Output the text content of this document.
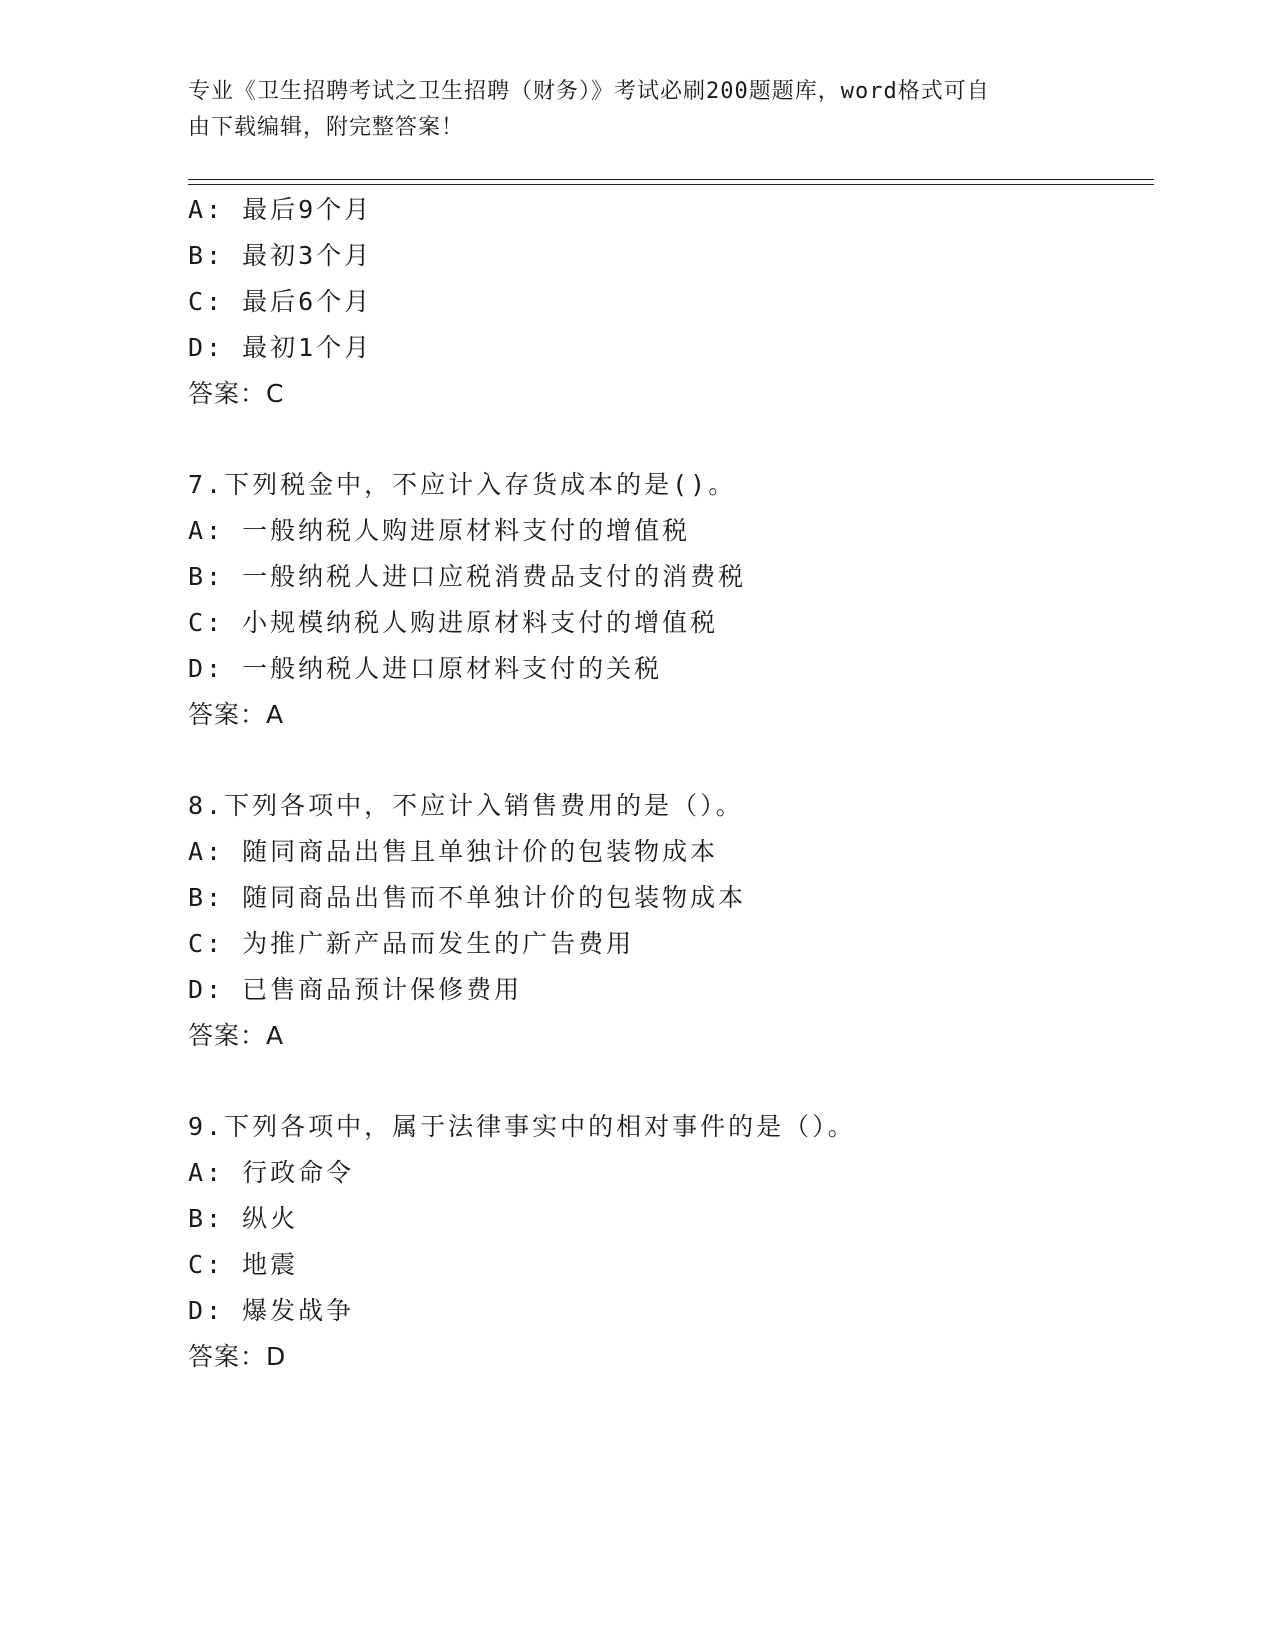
专业《卫生招聘考试之卫生招聘（财务）》考试必刷200题题库，word格式可自
由下载编辑，附完整答案！
A: 最后9个月
B: 最初3个月
C: 最后6个月
D: 最初1个月
答案：C
7.下列税金中，不应计入存货成本的是()。
A: 一般纳税人购进原材料支付的增值税
B: 一般纳税人进口应税消费品支付的消费税
C: 小规模纳税人购进原材料支付的增值税
D: 一般纳税人进口原材料支付的关税
答案：A
8.下列各项中，不应计入销售费用的是（）。
A: 随同商品出售且单独计价的包装物成本
B: 随同商品出售而不单独计价的包装物成本
C: 为推广新产品而发生的广告费用
D: 已售商品预计保修费用
答案：A
9.下列各项中，属于法律事实中的相对事件的是（）。
A: 行政命令
B: 纵火
C: 地震
D: 爆发战争
答案：D
